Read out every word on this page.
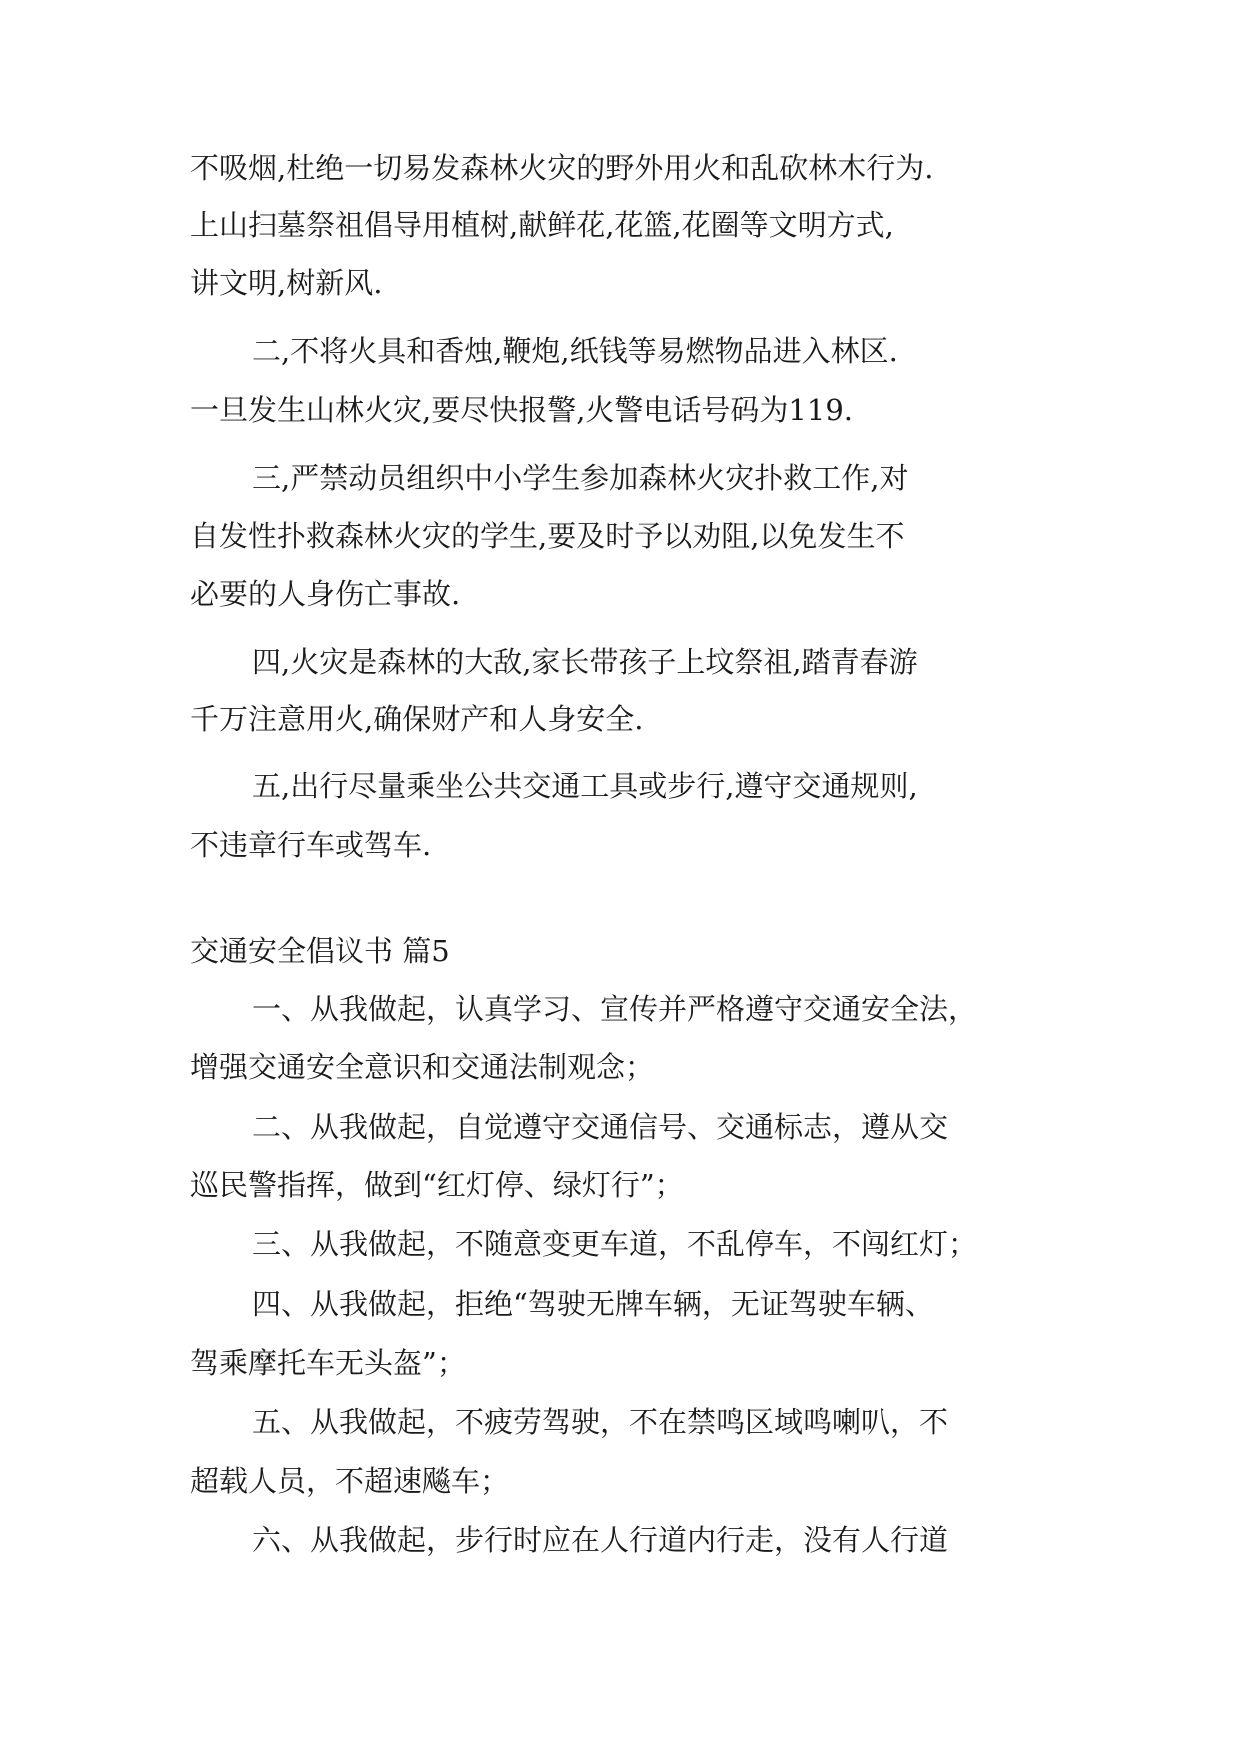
不吸烟,杜绝一切易发森林火灾的野外用火和乱砍林木行为.
上山扫墓祭祖倡导用植树,献鲜花,花篮,花圈等文明方式,
讲文明,树新风.
二,不将火具和香烛,鞭炮,纸钱等易燃物品进入林区.
一旦发生山林火灾,要尽快报警,火警电话号码为119.
三,严禁动员组织中小学生参加森林火灾扑救工作,对
自发性扑救森林火灾的学生,要及时予以劝阻,以免发生不
必要的人身伤亡事故.
四,火灾是森林的大敌,家长带孩子上坟祭祖,踏青春游
千万注意用火,确保财产和人身安全.
五,出行尽量乘坐公共交通工具或步行,遵守交通规则,
不违章行车或驾车.
交通安全倡议书 篇5
一、从我做起，认真学习、宣传并严格遵守交通安全法，
增强交通安全意识和交通法制观念；
二、从我做起，自觉遵守交通信号、交通标志，遵从交
巡民警指挥，做到“红灯停、绿灯行”；
三、从我做起，不随意变更车道，不乱停车，不闯红灯；
四、从我做起，拒绝“驾驶无牌车辆，无证驾驶车辆、
驾乘摩托车无头盔”；
五、从我做起，不疲劳驾驶，不在禁鸣区域鸣喇叭，不
超载人员，不超速飚车；
六、从我做起，步行时应在人行道内行走，没有人行道
